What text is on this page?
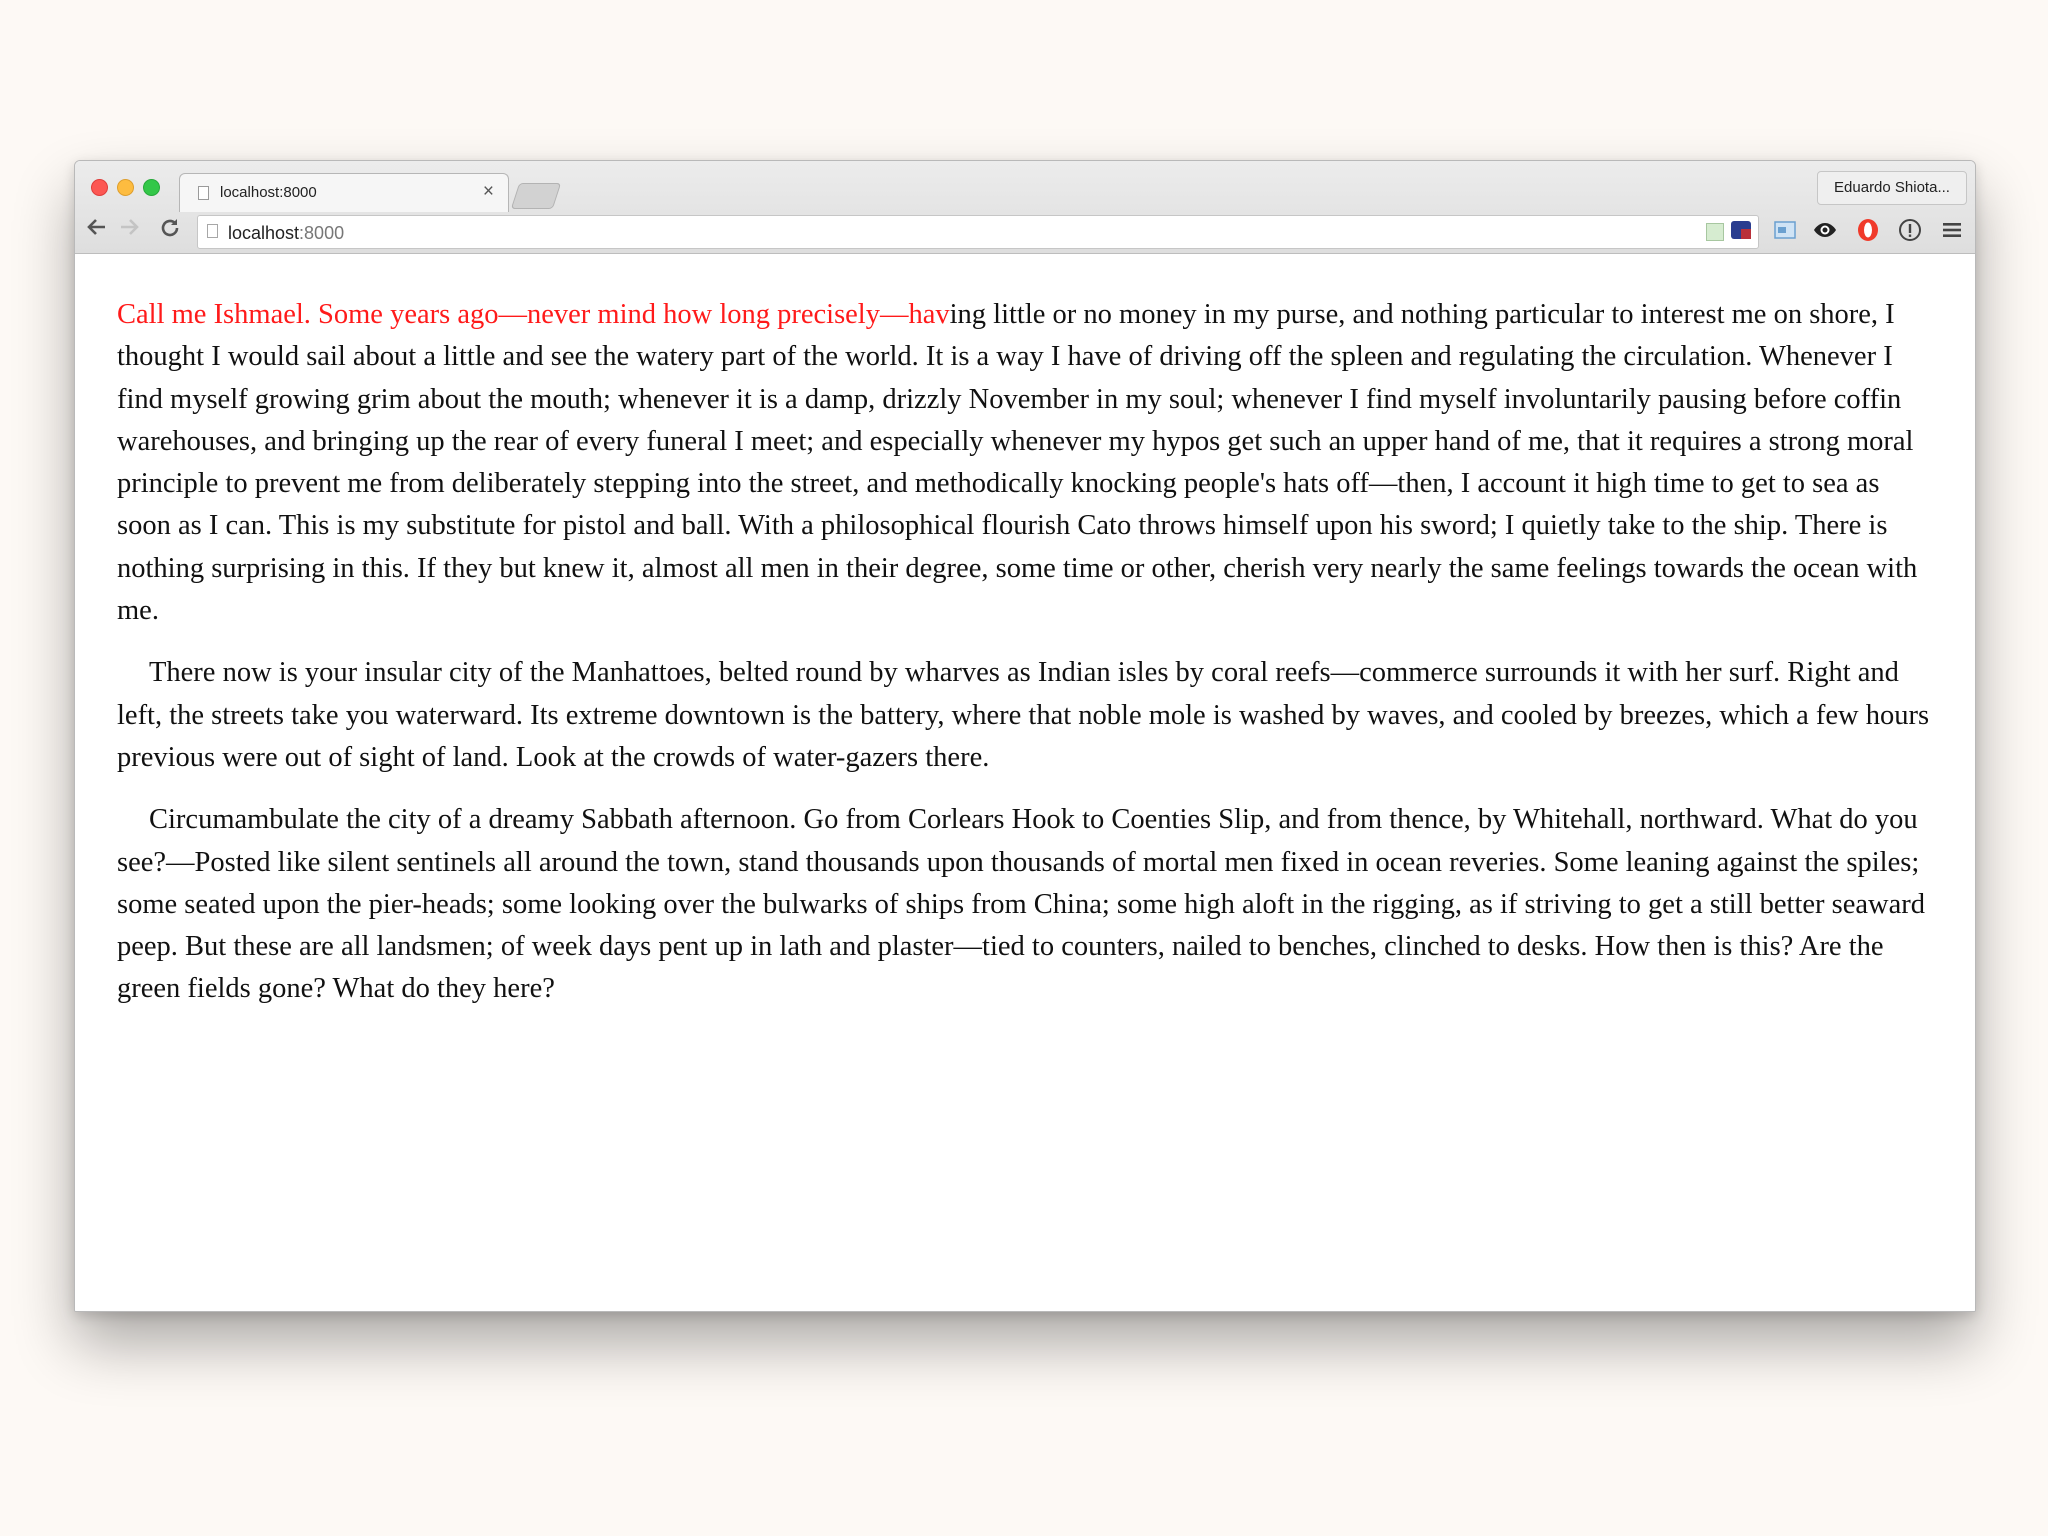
localhost:8000	×	Eduardo Shiota...
localhost:8000

Call me Ishmael. Some years ago—never mind how long precisely—having little or no money in my purse, and nothing particular to interest me on shore, I thought I would sail about a little and see the watery part of the world. It is a way I have of driving off the spleen and regulating the circulation. Whenever I find myself growing grim about the mouth; whenever it is a damp, drizzly November in my soul; whenever I find myself involuntarily pausing before coffin warehouses, and bringing up the rear of every funeral I meet; and especially whenever my hypos get such an upper hand of me, that it requires a strong moral principle to prevent me from deliberately stepping into the street, and methodically knocking people's hats off—then, I account it high time to get to sea as soon as I can. This is my substitute for pistol and ball. With a philosophical flourish Cato throws himself upon his sword; I quietly take to the ship. There is nothing surprising in this. If they but knew it, almost all men in their degree, some time or other, cherish very nearly the same feelings towards the ocean with me.

There now is your insular city of the Manhattoes, belted round by wharves as Indian isles by coral reefs—commerce surrounds it with her surf. Right and left, the streets take you waterward. Its extreme downtown is the battery, where that noble mole is washed by waves, and cooled by breezes, which a few hours previous were out of sight of land. Look at the crowds of water-gazers there.

Circumambulate the city of a dreamy Sabbath afternoon. Go from Corlears Hook to Coenties Slip, and from thence, by Whitehall, northward. What do you see?—Posted like silent sentinels all around the town, stand thousands upon thousands of mortal men fixed in ocean reveries. Some leaning against the spiles; some seated upon the pier-heads; some looking over the bulwarks of ships from China; some high aloft in the rigging, as if striving to get a still better seaward peep. But these are all landsmen; of week days pent up in lath and plaster—tied to counters, nailed to benches, clinched to desks. How then is this? Are the green fields gone? What do they here?
